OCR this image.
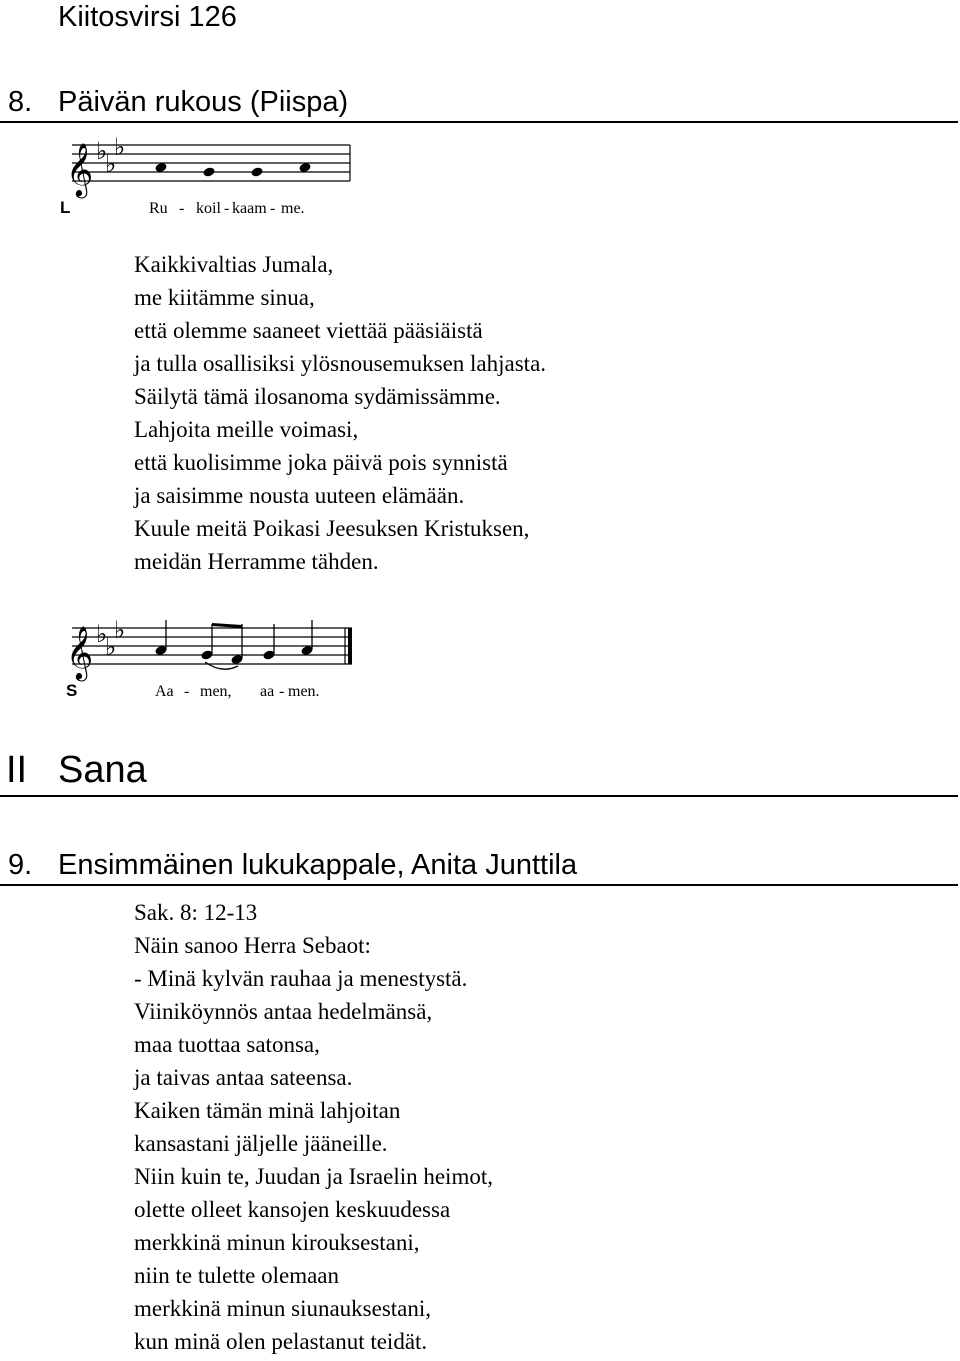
Kiitosvirsi 126
8. Päivän rukous (Piispa)
𝄞 ♭
♭
♭
L	Ru - koil - kaam - me.
Kaikkivaltias Jumala,
me kiitämme sinua,
että olemme saaneet viettää pääsiäistä
ja tulla osallisiksi ylösnousemuksen lahjasta.
Säilytä tämä ilosanoma sydämissämme.
Lahjoita meille voimasi,
että kuolisimme joka päivä pois synnistä
ja saisimme nousta uuteen elämään.
Kuule meitä Poikasi Jeesuksen Kristuksen,
meidän Herramme tähden.
𝄞 ♭
♭
♭
S	Aa - men, aa - men.
II Sana
9. Ensimmäinen lukukappale, Anita Junttila
Sak. 8: 12-13
Näin sanoo Herra Sebaot:
- Minä kylvän rauhaa ja menestystä.
Viiniköynnös antaa hedelmänsä,
maa tuottaa satonsa,
ja taivas antaa sateensa.
Kaiken tämän minä lahjoitan
kansastani jäljelle jääneille.
Niin kuin te, Juudan ja Israelin heimot,
olette olleet kansojen keskuudessa
merkkinä minun kirouksestani,
niin te tulette olemaan
merkkinä minun siunauksestani,
kun minä olen pelastanut teidät.
